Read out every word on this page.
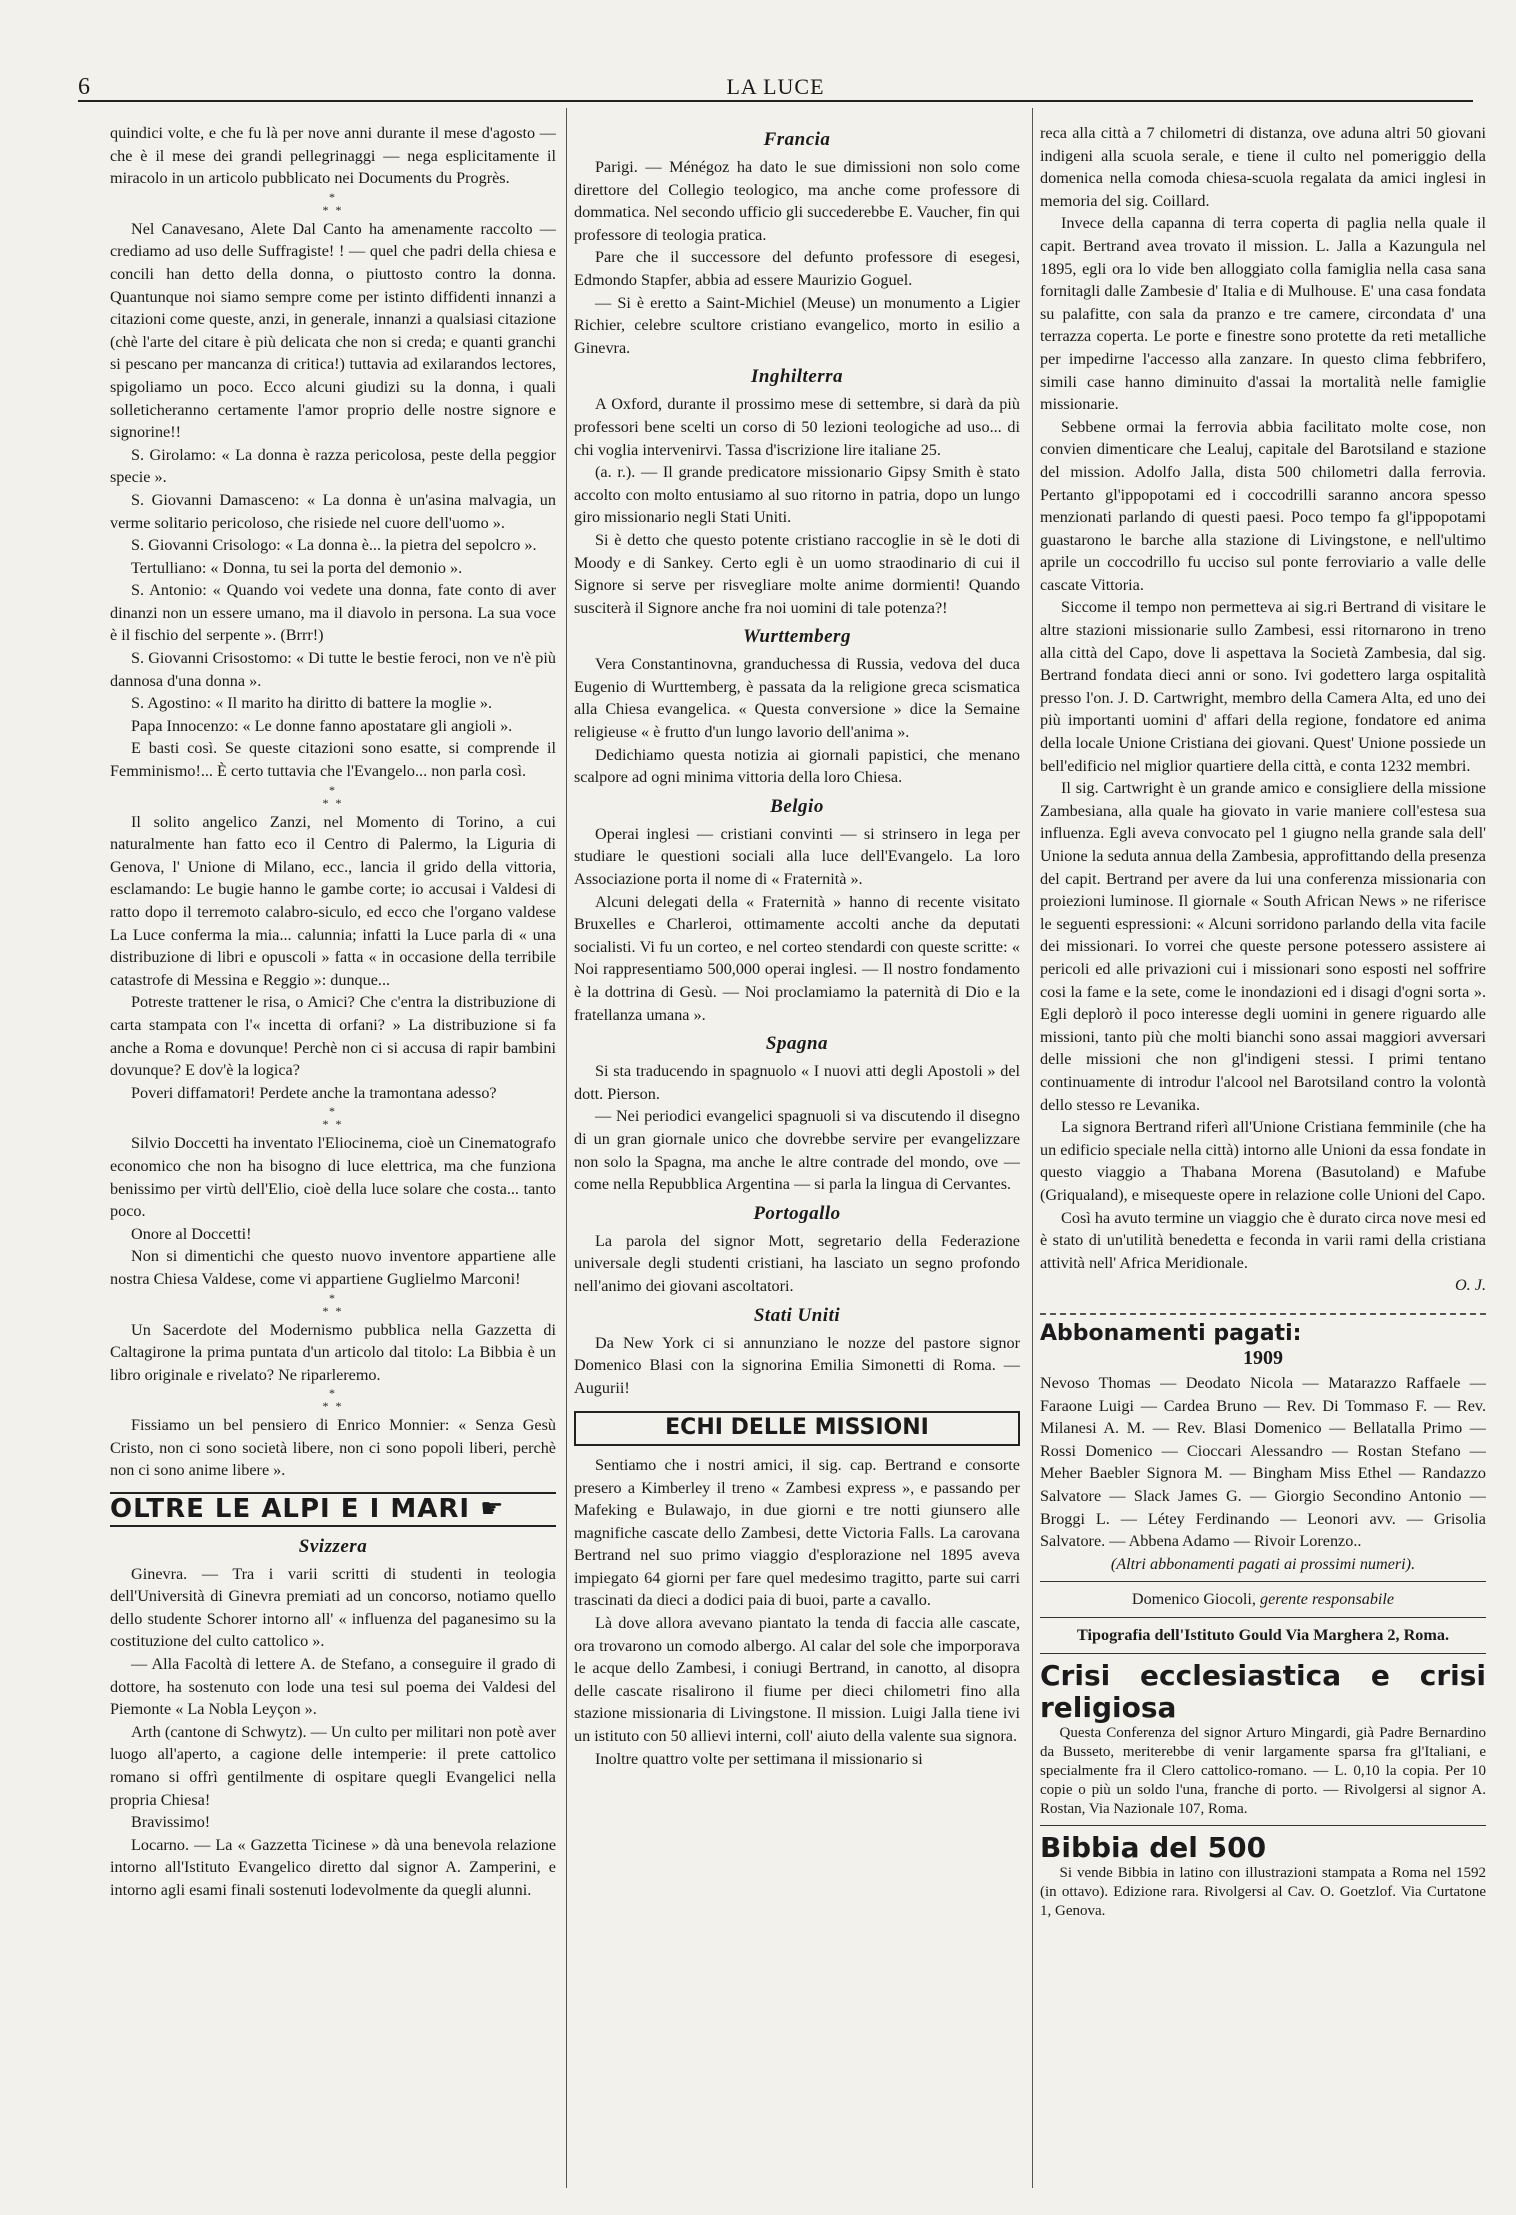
6	LA LUCE

quindici volte, e che fu là per nove anni durante il mese d'agosto — che è il mese dei grandi pellegrinaggi — nega esplicitamente il miracolo in un articolo pubblicato nei Documents du Progrès.

*
* *

Nel Canavesano, Alete Dal Canto ha amenamente raccolto — crediamo ad uso delle Suffragiste! ! — quel che padri della chiesa e concili han detto della donna, o piuttosto contro la donna. Quantunque noi siamo sempre come per istinto diffidenti innanzi a citazioni come queste, anzi, in generale, innanzi a qualsiasi citazione (chè l'arte del citare è più delicata che non si creda; e quanti granchi si pescano per mancanza di critica!) tuttavia ad exilarandos lectores, spigoliamo un poco. Ecco alcuni giudizi su la donna, i quali solleticheranno certamente l'amor proprio delle nostre signore e signorine!!

S. Girolamo: « La donna è razza pericolosa, peste della peggior specie ».

S. Giovanni Damasceno: « La donna è un'asina malvagia, un verme solitario pericoloso, che risiede nel cuore dell'uomo ».

S. Giovanni Crisologo: « La donna è... la pietra del sepolcro ».

Tertulliano: « Donna, tu sei la porta del demonio ».

S. Antonio: « Quando voi vedete una donna, fate conto di aver dinanzi non un essere umano, ma il diavolo in persona. La sua voce è il fischio del serpente ». (Brrr!)

S. Giovanni Crisostomo: « Di tutte le bestie feroci, non ve n'è più dannosa d'una donna ».

S. Agostino: « Il marito ha diritto di battere la moglie ».

Papa Innocenzo: « Le donne fanno apostatare gli angioli ».

E basti così. Se queste citazioni sono esatte, si comprende il Femminismo!... È certo tuttavia che l'Evangelo... non parla così.

*
* *

Il solito angelico Zanzi, nel Momento di Torino, a cui naturalmente han fatto eco il Centro di Palermo, la Liguria di Genova, l' Unione di Milano, ecc., lancia il grido della vittoria, esclamando: Le bugie hanno le gambe corte; io accusai i Valdesi di ratto dopo il terremoto calabro-siculo, ed ecco che l'organo valdese La Luce conferma la mia... calunnia; infatti la Luce parla di « una distribuzione di libri e opuscoli » fatta « in occasione della terribile catastrofe di Messina e Reggio »: dunque...

Potreste trattener le risa, o Amici? Che c'entra la distribuzione di carta stampata con l'« incetta di orfani? » La distribuzione si fa anche a Roma e dovunque! Perchè non ci si accusa di rapir bambini dovunque? E dov'è la logica?

Poveri diffamatori! Perdete anche la tramontana adesso?

*
* *

Silvio Doccetti ha inventato l'Eliocinema, cioè un Cinematografo economico che non ha bisogno di luce elettrica, ma che funziona benissimo per virtù dell'Elio, cioè della luce solare che costa... tanto poco.

Onore al Doccetti!

Non si dimentichi che questo nuovo inventore appartiene alle nostra Chiesa Valdese, come vi appartiene Guglielmo Marconi!

*
* *

Un Sacerdote del Modernismo pubblica nella Gazzetta di Caltagirone la prima puntata d'un articolo dal titolo: La Bibbia è un libro originale e rivelato? Ne riparleremo.

*
* *

Fissiamo un bel pensiero di Enrico Monnier: « Senza Gesù Cristo, non ci sono società libere, non ci sono popoli liberi, perchè non ci sono anime libere ».

OLTRE LE ALPI E I MARI ☛
Svizzera

Ginevra. — Tra i varii scritti di studenti in teologia dell'Università di Ginevra premiati ad un concorso, notiamo quello dello studente Schorer intorno all' « influenza del paganesimo su la costituzione del culto cattolico ».

— Alla Facoltà di lettere A. de Stefano, a conseguire il grado di dottore, ha sostenuto con lode una tesi sul poema dei Valdesi del Piemonte « La Nobla Leyçon ».

Arth (cantone di Schwytz). — Un culto per militari non potè aver luogo all'aperto, a cagione delle intemperie: il prete cattolico romano si offrì gentilmente di ospitare quegli Evangelici nella propria Chiesa!

Bravissimo!

Locarno. — La « Gazzetta Ticinese » dà una benevola relazione intorno all'Istituto Evangelico diretto dal signor A. Zamperini, e intorno agli esami finali sostenuti lodevolmente da quegli alunni.

Francia

Parigi. — Ménégoz ha dato le sue dimissioni non solo come direttore del Collegio teologico, ma anche come professore di dommatica. Nel secondo ufficio gli succederebbe E. Vaucher, fin qui professore di teologia pratica.

Pare che il successore del defunto professore di esegesi, Edmondo Stapfer, abbia ad essere Maurizio Goguel.

— Si è eretto a Saint-Michiel (Meuse) un monumento a Ligier Richier, celebre scultore cristiano evangelico, morto in esilio a Ginevra.

Inghilterra

A Oxford, durante il prossimo mese di settembre, si darà da più professori bene scelti un corso di 50 lezioni teologiche ad uso... di chi voglia intervenirvi. Tassa d'iscrizione lire italiane 25.

(a. r.). — Il grande predicatore missionario Gipsy Smith è stato accolto con molto entusiamo al suo ritorno in patria, dopo un lungo giro missionario negli Stati Uniti.

Si è detto che questo potente cristiano raccoglie in sè le doti di Moody e di Sankey. Certo egli è un uomo straodinario di cui il Signore si serve per risvegliare molte anime dormienti! Quando susciterà il Signore anche fra noi uomini di tale potenza?!

Wurttemberg

Vera Constantinovna, granduchessa di Russia, vedova del duca Eugenio di Wurttemberg, è passata da la religione greca scismatica alla Chiesa evangelica. « Questa conversione » dice la Semaine religieuse « è frutto d'un lungo lavorio dell'anima ».

Dedichiamo questa notizia ai giornali papistici, che menano scalpore ad ogni minima vittoria della loro Chiesa.

Belgio

Operai inglesi — cristiani convinti — si strinsero in lega per studiare le questioni sociali alla luce dell'Evangelo. La loro Associazione porta il nome di « Fraternità ».

Alcuni delegati della « Fraternità » hanno di recente visitato Bruxelles e Charleroi, ottimamente accolti anche da deputati socialisti. Vi fu un corteo, e nel corteo stendardi con queste scritte: « Noi rappresentiamo 500,000 operai inglesi. — Il nostro fondamento è la dottrina di Gesù. — Noi proclamiamo la paternità di Dio e la fratellanza umana ».

Spagna

Si sta traducendo in spagnuolo « I nuovi atti degli Apostoli » del dott. Pierson.

— Nei periodici evangelici spagnuoli si va discutendo il disegno di un gran giornale unico che dovrebbe servire per evangelizzare non solo la Spagna, ma anche le altre contrade del mondo, ove — come nella Repubblica Argentina — si parla la lingua di Cervantes.

Portogallo

La parola del signor Mott, segretario della Federazione universale degli studenti cristiani, ha lasciato un segno profondo nell'animo dei giovani ascoltatori.

Stati Uniti

Da New York ci si annunziano le nozze del pastore signor Domenico Blasi con la signorina Emilia Simonetti di Roma. — Augurii!

ECHI DELLE MISSIONI

Sentiamo che i nostri amici, il sig. cap. Bertrand e consorte presero a Kimberley il treno « Zambesi express », e passando per Mafeking e Bulawajo, in due giorni e tre notti giunsero alle magnifiche cascate dello Zambesi, dette Victoria Falls. La carovana Bertrand nel suo primo viaggio d'esplorazione nel 1895 aveva impiegato 64 giorni per fare quel medesimo tragitto, parte sui carri trascinati da dieci a dodici paia di buoi, parte a cavallo.

Là dove allora avevano piantato la tenda di faccia alle cascate, ora trovarono un comodo albergo. Al calar del sole che imporporava le acque dello Zambesi, i coniugi Bertrand, in canotto, al disopra delle cascate risalirono il fiume per dieci chilometri fino alla stazione missionaria di Livingstone. Il mission. Luigi Jalla tiene ivi un istituto con 50 allievi interni, coll' aiuto della valente sua signora.

Inoltre quattro volte per settimana il missionario si

reca alla città a 7 chilometri di distanza, ove aduna altri 50 giovani indigeni alla scuola serale, e tiene il culto nel pomeriggio della domenica nella comoda chiesa-scuola regalata da amici inglesi in memoria del sig. Coillard.

Invece della capanna di terra coperta di paglia nella quale il capit. Bertrand avea trovato il mission. L. Jalla a Kazungula nel 1895, egli ora lo vide ben alloggiato colla famiglia nella casa sana fornitagli dalle Zambesie d' Italia e di Mulhouse. E' una casa fondata su palafitte, con sala da pranzo e tre camere, circondata d' una terrazza coperta. Le porte e finestre sono protette da reti metalliche per impedirne l'accesso alla zanzare. In questo clima febbrifero, simili case hanno diminuito d'assai la mortalità nelle famiglie missionarie.

Sebbene ormai la ferrovia abbia facilitato molte cose, non convien dimenticare che Lealuj, capitale del Barotsiland e stazione del mission. Adolfo Jalla, dista 500 chilometri dalla ferrovia. Pertanto gl'ippopotami ed i coccodrilli saranno ancora spesso menzionati parlando di questi paesi. Poco tempo fa gl'ippopotami guastarono le barche alla stazione di Livingstone, e nell'ultimo aprile un coccodrillo fu ucciso sul ponte ferroviario a valle delle cascate Vittoria.

Siccome il tempo non permetteva ai sig.ri Bertrand di visitare le altre stazioni missionarie sullo Zambesi, essi ritornarono in treno alla città del Capo, dove li aspettava la Società Zambesia, dal sig. Bertrand fondata dieci anni or sono. Ivi godettero larga ospitalità presso l'on. J. D. Cartwright, membro della Camera Alta, ed uno dei più importanti uomini d' affari della regione, fondatore ed anima della locale Unione Cristiana dei giovani. Quest' Unione possiede un bell'edificio nel miglior quartiere della città, e conta 1232 membri.

Il sig. Cartwright è un grande amico e consigliere della missione Zambesiana, alla quale ha giovato in varie maniere coll'estesa sua influenza. Egli aveva convocato pel 1 giugno nella grande sala dell' Unione la seduta annua della Zambesia, approfittando della presenza del capit. Bertrand per avere da lui una conferenza missionaria con proiezioni luminose. Il giornale « South African News » ne riferisce le seguenti espressioni: « Alcuni sorridono parlando della vita facile dei missionari. Io vorrei che queste persone potessero assistere ai pericoli ed alle privazioni cui i missionari sono esposti nel soffrire cosi la fame e la sete, come le inondazioni ed i disagi d'ogni sorta ». Egli deplorò il poco interesse degli uomini in genere riguardo alle missioni, tanto più che molti bianchi sono assai maggiori avversari delle missioni che non gl'indigeni stessi. I primi tentano continuamente di introdur l'alcool nel Barotsiland contro la volontà dello stesso re Levanika.

La signora Bertrand riferì all'Unione Cristiana femminile (che ha un edificio speciale nella città) intorno alle Unioni da essa fondate in questo viaggio a Thabana Morena (Basutoland) e Mafube (Griqualand), e misequeste opere in relazione colle Unioni del Capo.

Così ha avuto termine un viaggio che è durato circa nove mesi ed è stato di un'utilità benedetta e feconda in varii rami della cristiana attività nell' Africa Meridionale.

O. J.
Abbonamenti pagati:
1909

Nevoso Thomas — Deodato Nicola — Matarazzo Raffaele — Faraone Luigi — Cardea Bruno — Rev. Di Tommaso F. — Rev. Milanesi A. M. — Rev. Blasi Domenico — Bellatalla Primo — Rossi Domenico — Cioccari Alessandro — Rostan Stefano — Meher Baebler Signora M. — Bingham Miss Ethel — Randazzo Salvatore — Slack James G. — Giorgio Secondino Antonio — Broggi L. — Létey Ferdinando — Leonori avv. — Grisolia Salvatore. — Abbena Adamo — Rivoir Lorenzo..

(Altri abbonamenti pagati ai prossimi numeri).

Domenico Giocoli, gerente responsabile

Tipografia dell'Istituto Gould Via Marghera 2, Roma.

Crisi ecclesiastica e crisi religiosa

Questa Conferenza del signor Arturo Mingardi, già Padre Bernardino da Busseto, meriterebbe di venir largamente sparsa fra gl'Italiani, e specialmente fra il Clero cattolico-romano. — L. 0,10 la copia. Per 10 copie o più un soldo l'una, franche di porto. — Rivolgersi al signor A. Rostan, Via Nazionale 107, Roma.

Bibbia del 500

Si vende Bibbia in latino con illustrazioni stampata a Roma nel 1592 (in ottavo). Edizione rara. Rivolgersi al Cav. O. Goetzlof. Via Curtatone 1, Genova.
